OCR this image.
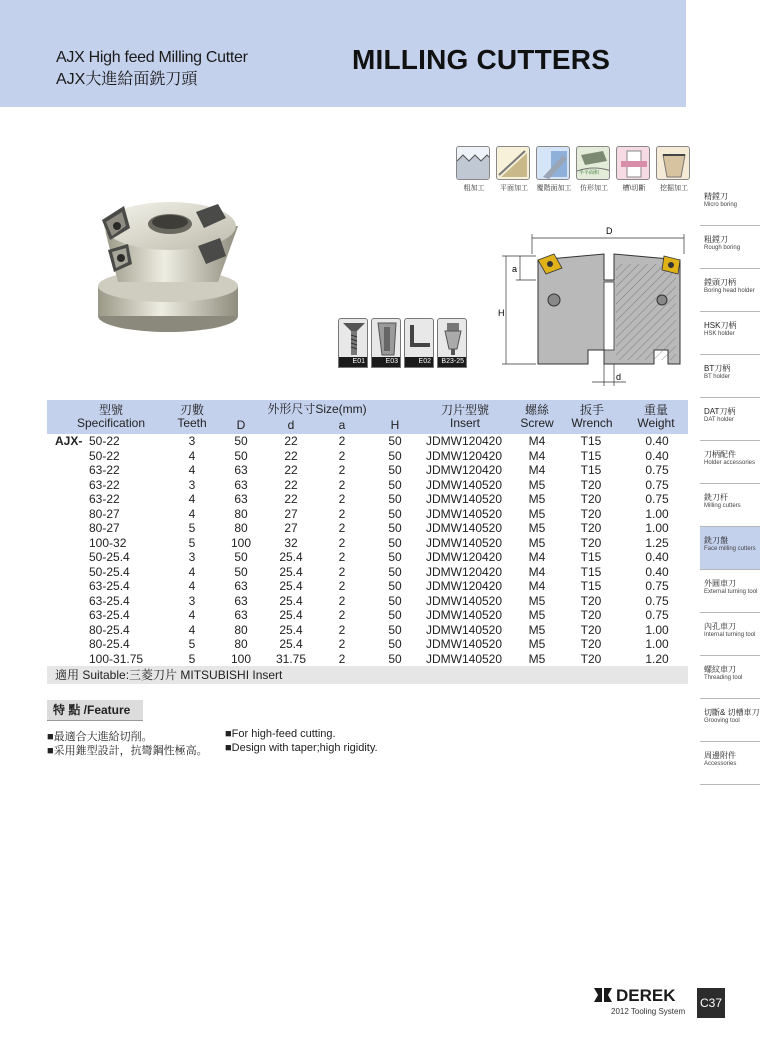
AJX High feed Milling Cutter
AJX大進給面銑刀頭
MILLING CUTTERS
粗加工	平面加工	覆階面加工
半平面积
仿形加工	槽\切斷	挖掘加工
E01	E03	E02	B23-25
D
d
H
a
精鏜刀
Micro boring
粗鏜刀
Rough boring
鏜頭刀柄
Boring head holder
HSK刀柄
HSK holder
BT刀柄
BT holder
DAT刀柄
DAT holder
刀柄配件
Holder accessories
銑刀杆
Milling cutters
銑刀盤
Face milling cutters
外圓車刀
External turning tool
內孔車刀
Internal turning tool
螺紋車刀
Threading tool
切斷& 切槽車刀
Grooving tool
周邊附件
Accessories
型號
Specification
刃數
Teeth
外形尺寸Size(mm)
D	d	a	H
刀片型號
Insert
螺絲
Screw
扳手
Wrench
重量
Weight
AJX- 50-22	3	50	22	2	50	JDMW120420	M4	T15	0.40
50-22	4	50	22	2	50	JDMW120420	M4	T15	0.40
63-22	4	63	22	2	50	JDMW120420	M4	T15	0.75
63-22	3	63	22	2	50	JDMW140520	M5	T20	0.75
63-22	4	63	22	2	50	JDMW140520	M5	T20	0.75
80-27	4	80	27	2	50	JDMW140520	M5	T20	1.00
80-27	5	80	27	2	50	JDMW140520	M5	T20	1.00
100-32	5	100	32	2	50	JDMW140520	M5	T20	1.25
50-25.4	3	50	25.4	2	50	JDMW120420	M4	T15	0.40
50-25.4	4	50	25.4	2	50	JDMW120420	M4	T15	0.40
63-25.4	4	63	25.4	2	50	JDMW120420	M4	T15	0.75
63-25.4	3	63	25.4	2	50	JDMW140520	M5	T20	0.75
63-25.4	4	63	25.4	2	50	JDMW140520	M5	T20	0.75
80-25.4	4	80	25.4	2	50	JDMW140520	M5	T20	1.00
80-25.4	5	80	25.4	2	50	JDMW140520	M5	T20	1.00
100-31.75	5	100	31.75	2	50	JDMW140520	M5	T20	1.20
適用 Suitable:三菱刀片 MITSUBISHI Insert
特 點 /Feature
■最適合大進給切削。
■采用錐型設計，抗彎鋼性極高。
■For high-feed cutting.
■Design with taper;high rigidity.
DEREK
2012 Tooling System
C37
